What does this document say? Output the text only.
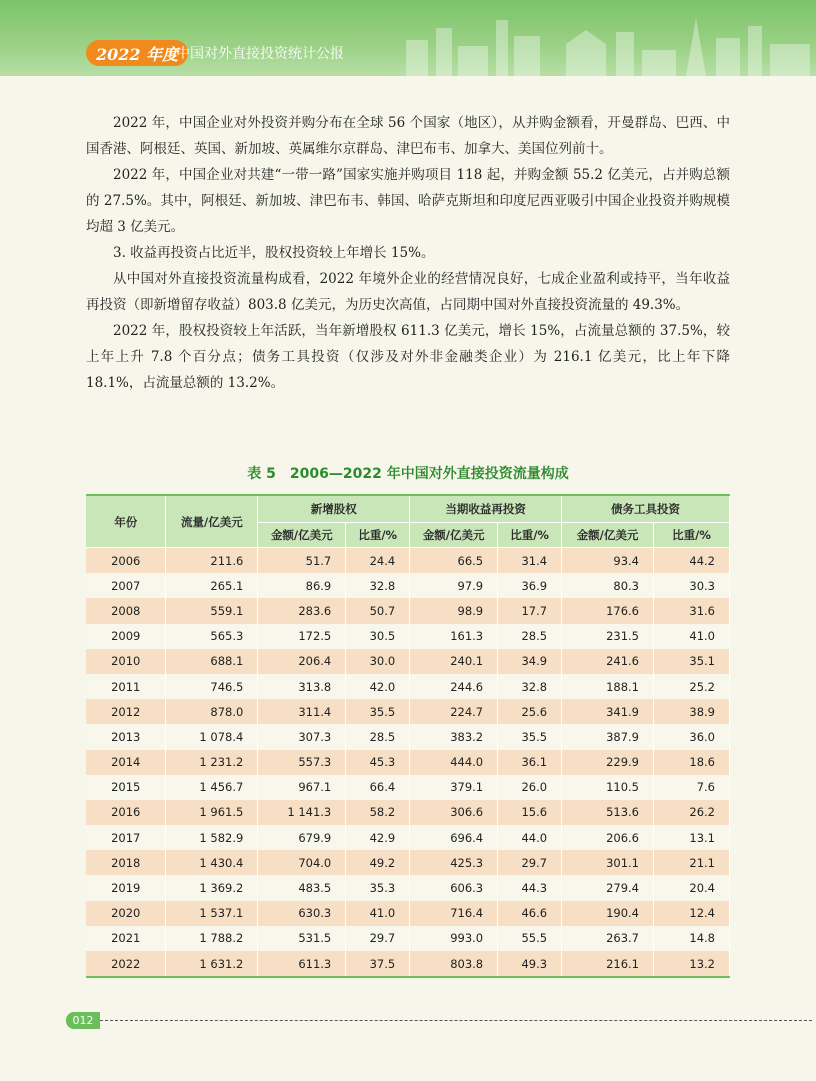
2022 年度
中国对外直接投资统计公报

2022 年，中国企业对外投资并购分布在全球 56 个国家（地区），从并购金额看，开曼群岛、巴西、中国香港、阿根廷、英国、新加坡、英属维尔京群岛、津巴布韦、加拿大、美国位列前十。

2022 年，中国企业对共建“一带一路”国家实施并购项目 118 起，并购金额 55.2 亿美元，占并购总额的 27.5%。其中，阿根廷、新加坡、津巴布韦、韩国、哈萨克斯坦和印度尼西亚吸引中国企业投资并购规模均超 3 亿美元。

3. 收益再投资占比近半，股权投资较上年增长 15%。

从中国对外直接投资流量构成看，2022 年境外企业的经营情况良好，七成企业盈利或持平，当年收益再投资（即新增留存收益）803.8 亿美元，为历史次高值，占同期中国对外直接投资流量的 49.3%。

2022 年，股权投资较上年活跃，当年新增股权 611.3 亿美元，增长 15%，占流量总额的 37.5%，较上年上升 7.8 个百分点；债务工具投资（仅涉及对外非金融类企业）为 216.1 亿美元，比上年下降 18.1%，占流量总额的 13.2%。

表 5　2006—2022 年中国对外直接投资流量构成
年份	流量/亿美元	新增股权		当期收益再投资		债务工具投资	
		金额/亿美元	比重/%	金额/亿美元	比重/%	金额/亿美元	比重/%
2006	211.6	51.7	24.4	66.5	31.4	93.4	44.2
2007	265.1	86.9	32.8	97.9	36.9	80.3	30.3
2008	559.1	283.6	50.7	98.9	17.7	176.6	31.6
2009	565.3	172.5	30.5	161.3	28.5	231.5	41.0
2010	688.1	206.4	30.0	240.1	34.9	241.6	35.1
2011	746.5	313.8	42.0	244.6	32.8	188.1	25.2
2012	878.0	311.4	35.5	224.7	25.6	341.9	38.9
2013	1 078.4	307.3	28.5	383.2	35.5	387.9	36.0
2014	1 231.2	557.3	45.3	444.0	36.1	229.9	18.6
2015	1 456.7	967.1	66.4	379.1	26.0	110.5	7.6
2016	1 961.5	1 141.3	58.2	306.6	15.6	513.6	26.2
2017	1 582.9	679.9	42.9	696.4	44.0	206.6	13.1
2018	1 430.4	704.0	49.2	425.3	29.7	301.1	21.1
2019	1 369.2	483.5	35.3	606.3	44.3	279.4	20.4
2020	1 537.1	630.3	41.0	716.4	46.6	190.4	12.4
2021	1 788.2	531.5	29.7	993.0	55.5	263.7	14.8
2022	1 631.2	611.3	37.5	803.8	49.3	216.1	13.2
012
